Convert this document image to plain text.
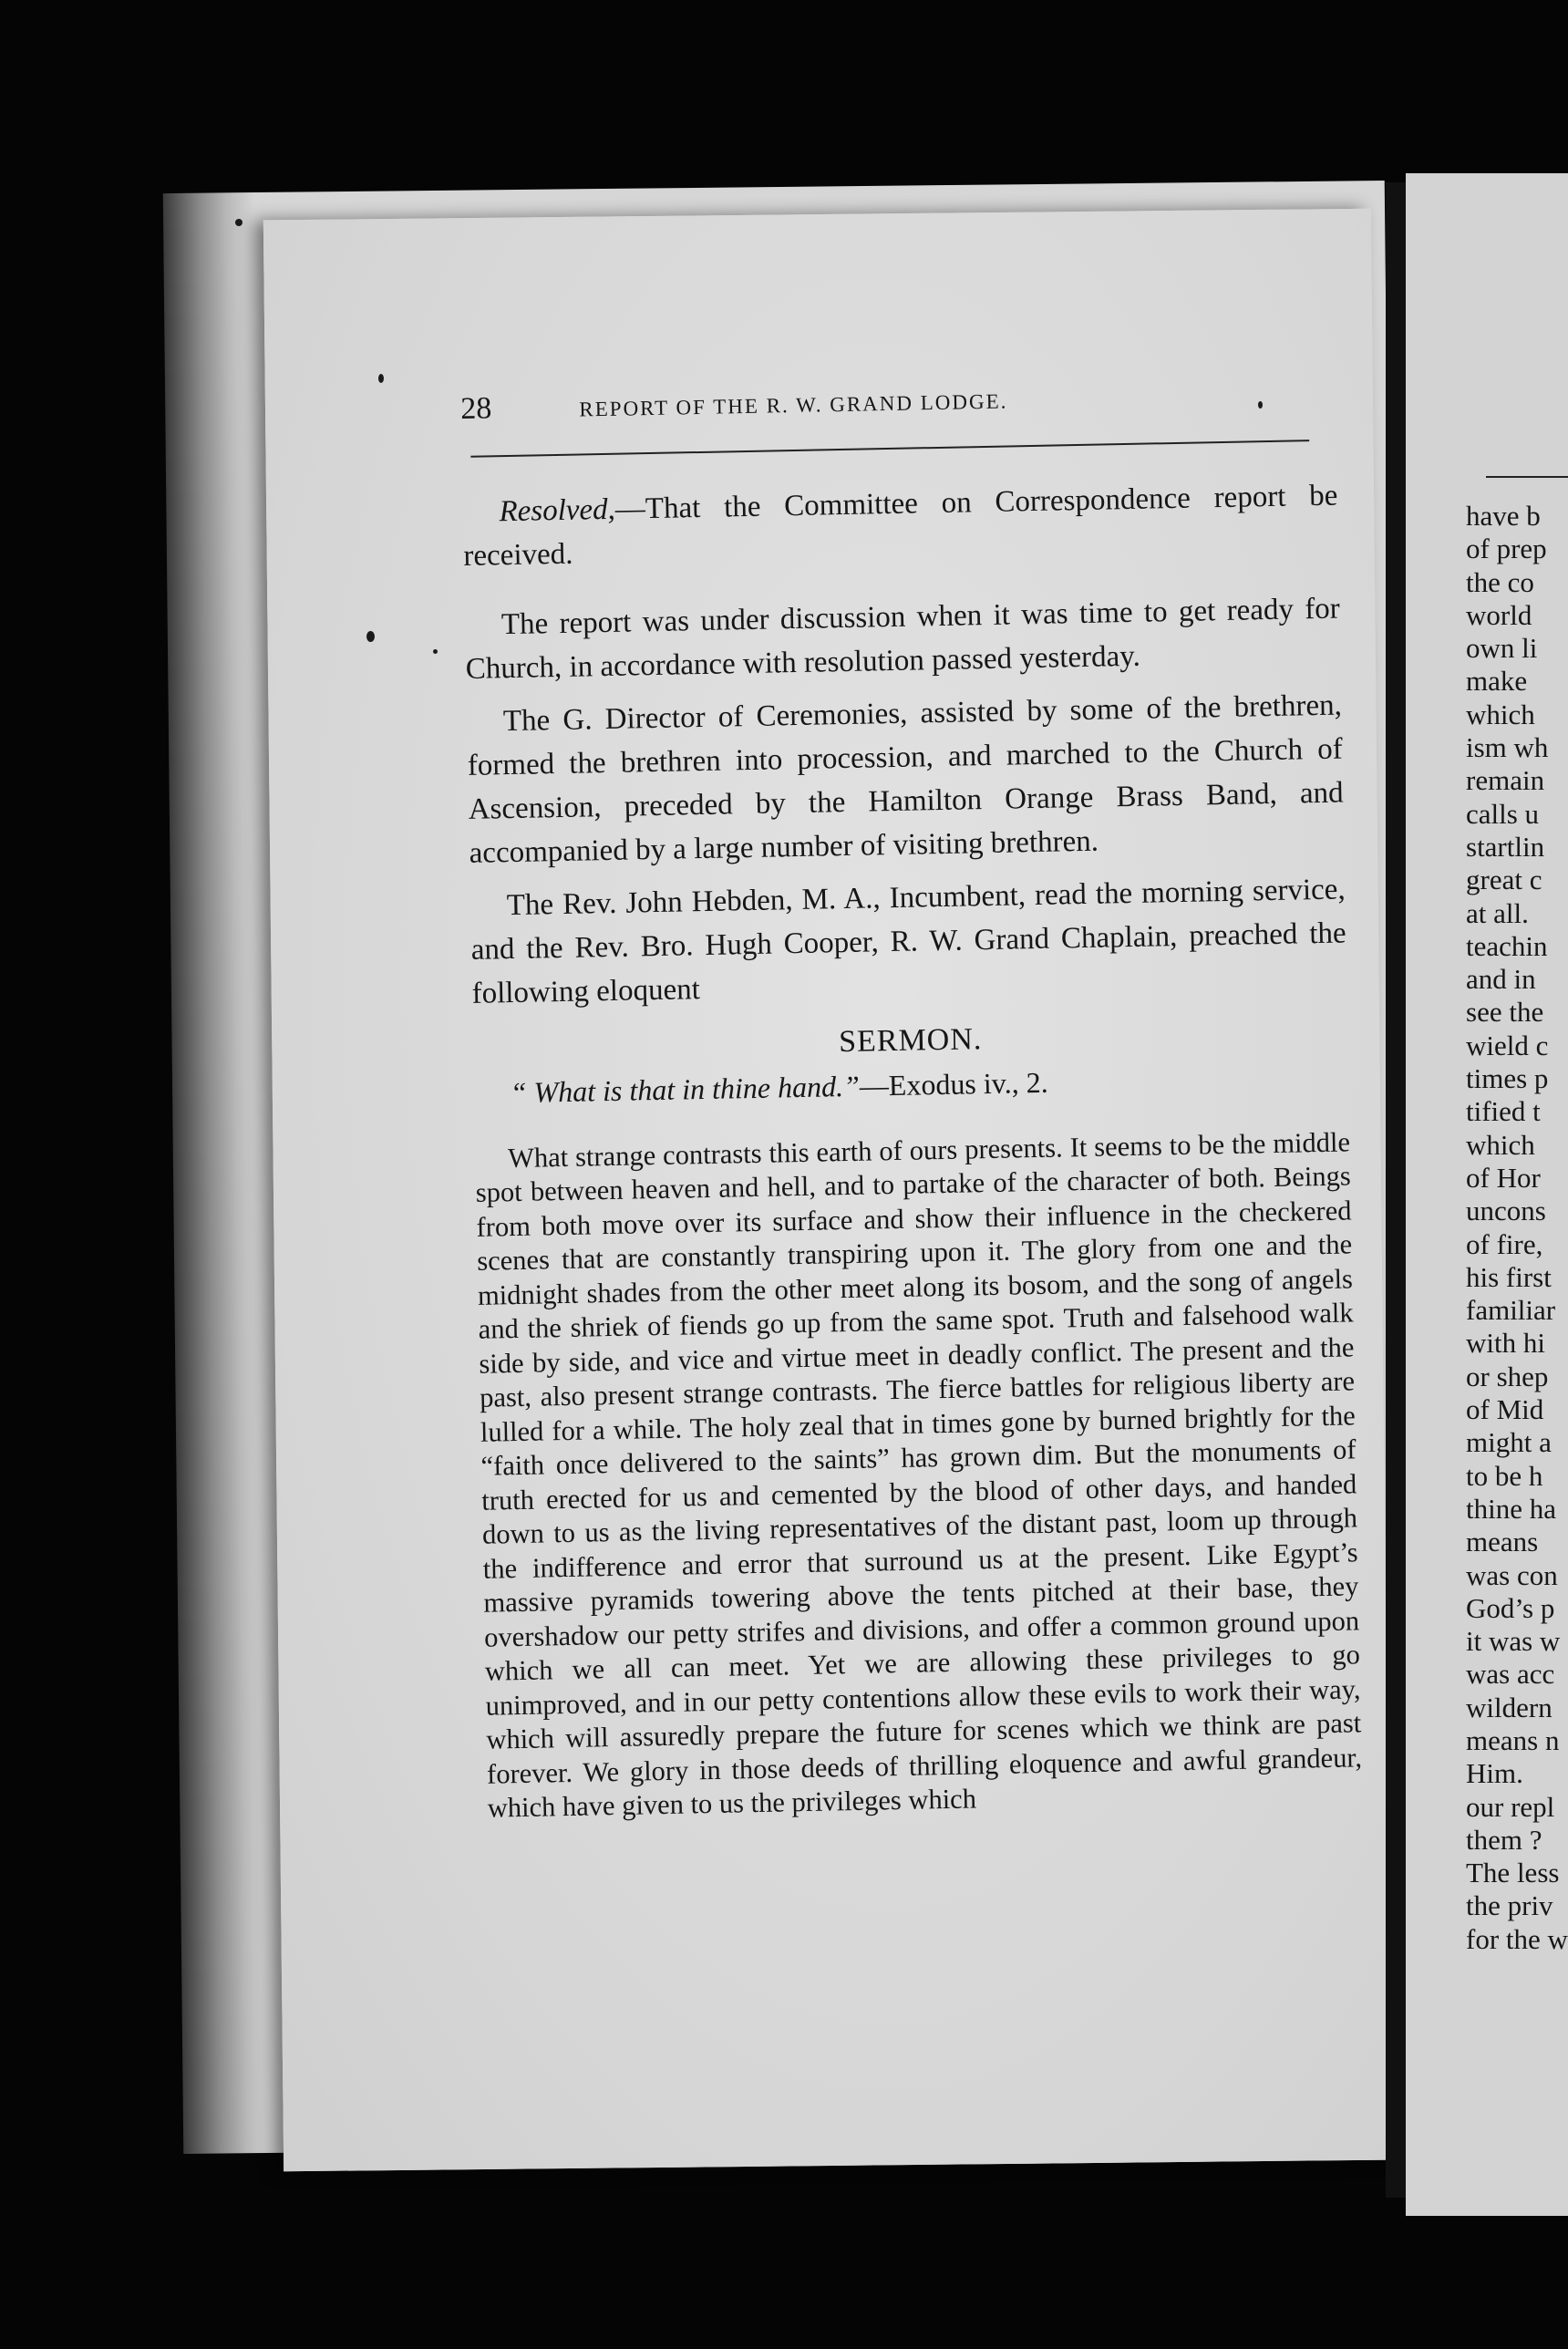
28	REPORT OF THE R. W. GRAND LODGE.

Resolved,—That the Committee on Correspondence report be received.

The report was under discussion when it was time to get ready for Church, in accordance with resolution passed yesterday.

The G. Director of Ceremonies, assisted by some of the brethren, formed the brethren into procession, and marched to the Church of Ascension, preceded by the Hamilton Orange Brass Band, and accompanied by a large number of visiting brethren.

The Rev. John Hebden, M. A., Incumbent, read the morning service, and the Rev. Bro. Hugh Cooper, R. W. Grand Chaplain, preached the following eloquent

SERMON.
“ What is that in thine hand.”—Exodus iv., 2.

What strange contrasts this earth of ours presents. It seems to be the middle spot between heaven and hell, and to partake of the character of both. Beings from both move over its surface and show their influence in the checkered scenes that are constantly transpiring upon it. The glory from one and the midnight shades from the other meet along its bosom, and the song of angels and the shriek of fiends go up from the same spot. Truth and falsehood walk side by side, and vice and virtue meet in deadly conflict. The present and the past, also present strange contrasts. The fierce battles for religious liberty are lulled for a while. The holy zeal that in times gone by burned brightly for the “faith once delivered to the saints” has grown dim. But the monuments of truth erected for us and cemented by the blood of other days, and handed down to us as the living representatives of the distant past, loom up through the indifference and error that surround us at the present. Like Egypt’s massive pyramids towering above the tents pitched at their base, they overshadow our petty strifes and divisions, and offer a common ground upon which we all can meet. Yet we are allowing these privileges to go unimproved, and in our petty contentions allow these evils to work their way, which will assuredly prepare the future for scenes which we think are past forever. We glory in those deeds of thrilling eloquence and awful grandeur, which have given to us the privileges which

have b
of prep
the co
world
own li
make
which
ism wh
remain
calls u
startlin
great c
at all.
teachin
and in
see the
wield c
times p
tified t
which
of Hor
uncons
of fire,
his first
familiar
with hi
or shep
of Mid
might a
to be h
thine ha
means
was con
God’s p
it was w
was acc
wildern
means n
Him.
our repl
them ?
The less
the priv
for the w
